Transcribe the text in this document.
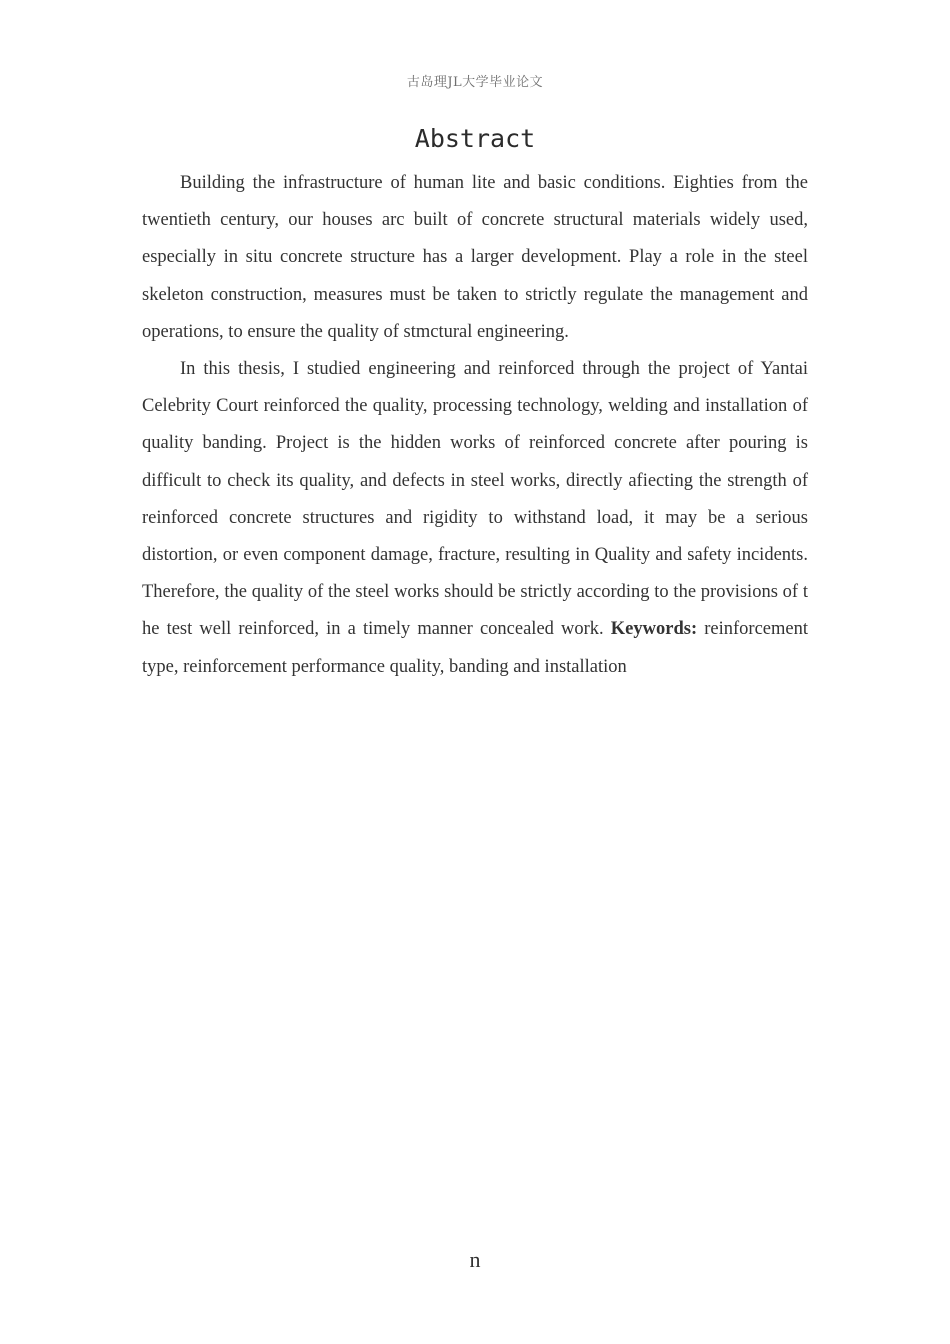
古岛理JL大学毕业论文
Abstract

Building the infrastructure of human lite and basic conditions. Eighties from the twentieth century, our houses arc built of concrete structural materials widely used, especially in situ concrete structure has a larger development. Play a role in the steel skeleton construction, measures must be taken to strictly regulate the management and operations, to ensure the quality of stmctural engineering.

In this thesis, I studied engineering and reinforced through the project of Yantai Celebrity Court reinforced the quality, processing technology, welding and installation of quality banding. Project is the hidden works of reinforced concrete after pouring is difficult to check its quality, and defects in steel works, directly afiecting the strength of reinforced concrete structures and rigidity to withstand load, it may be a serious distortion, or even component damage, fracture, resulting in Quality and safety incidents. Therefore, the quality of the steel works should be strictly according to the provisions of t he test well reinforced, in a timely manner concealed work. Keywords: reinforcement type, reinforcement performance quality, banding and installation

n
